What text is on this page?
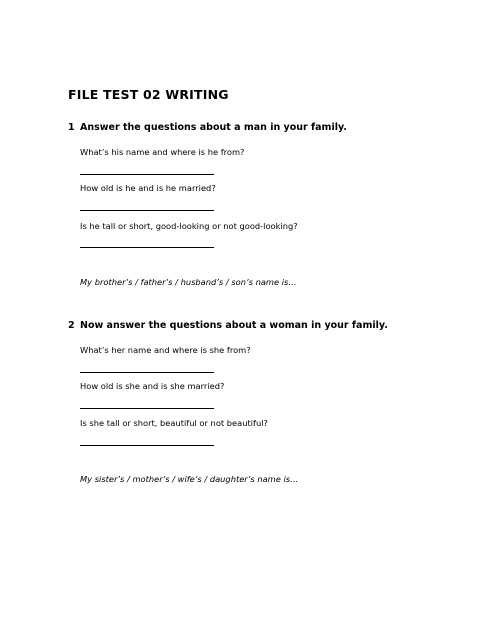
FILE TEST 02 WRITING
1 Answer the questions about a man in your family.
What’s his name and where is he from?
How old is he and is he married?
Is he tall or short, good-looking or not good-looking?
My brother’s / father’s / husband’s / son’s name is…
2 Now answer the questions about a woman in your family.
What’s her name and where is she from?
How old is she and is she married?
Is she tall or short, beautiful or not beautiful?
My sister’s / mother’s / wife’s / daughter’s name is…
